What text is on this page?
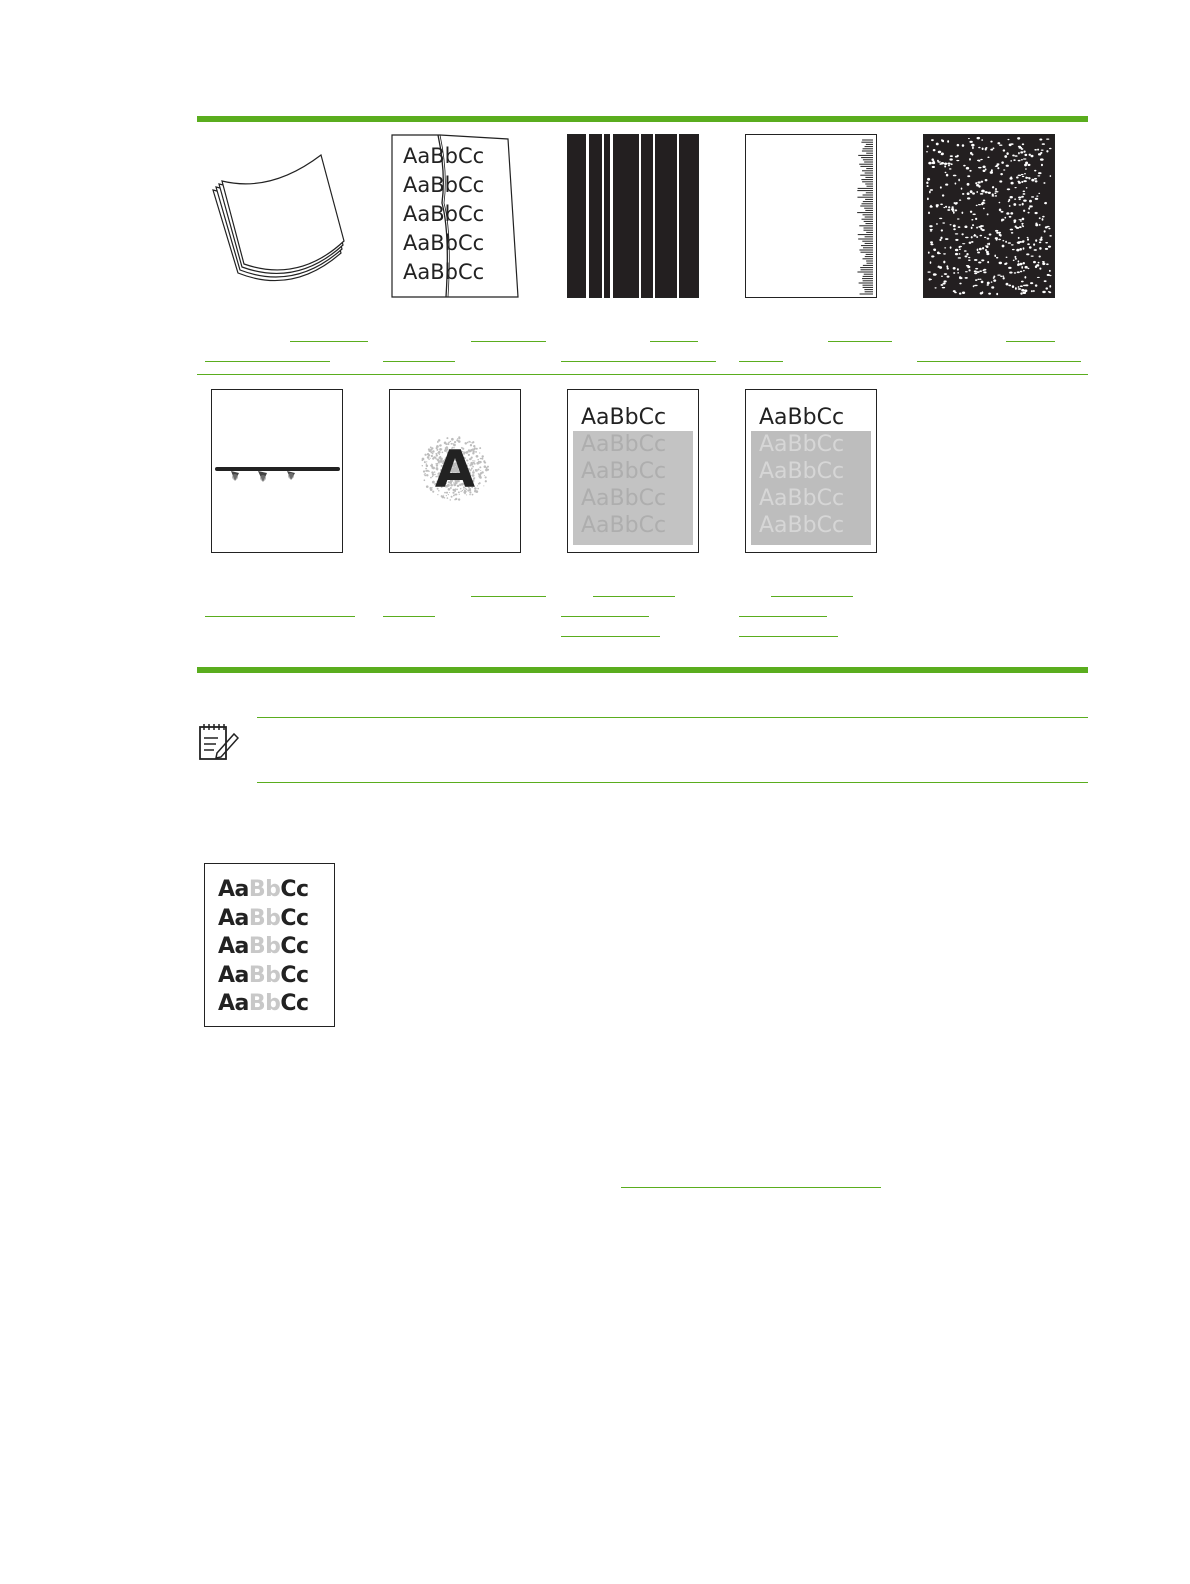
AaBbCc
AaBbCc
AaBbCc
AaBbCc
AaBbCc
A
AaBbCc
AaBbCc
AaBbCc
AaBbCc
AaBbCc
AaBbCc
AaBbCc
AaBbCc
AaBbCc
AaBbCc
AaBbCc
AaBbCc
AaBbCc
AaBbCc
AaBbCc
